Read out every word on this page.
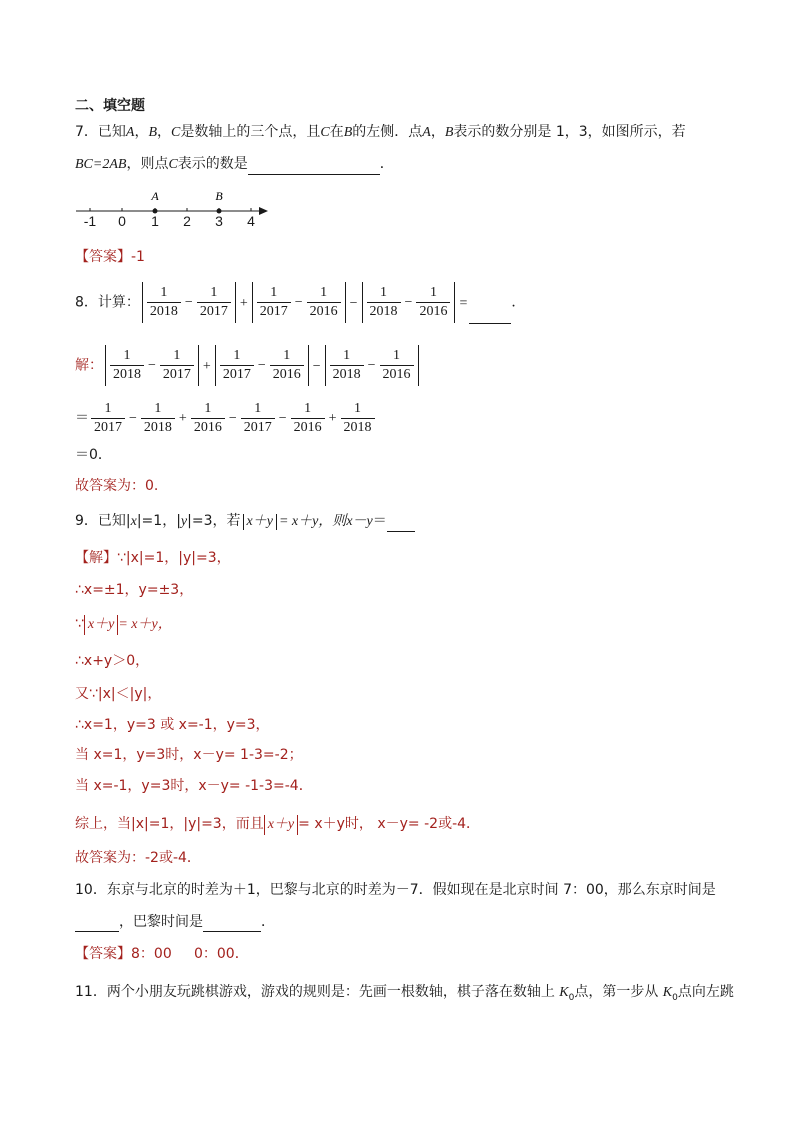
二、填空题
7．已知A，B，C是数轴上的三个点，且C在B的左侧．点A，B表示的数分别是 1，3，如图所示，若
BC=2AB，则点C表示的数是	．
A	B
-1 0 1 2 3 4
【答案】-1
8．计算： $\frac{1}{2018} - \frac{1}{2017} + \frac{1}{2017} - \frac{1}{2016} - \frac{1}{2018} - \frac{1}{2016}$ =	．
解： $\frac{1}{2018} - \frac{1}{2017} + \frac{1}{2017} - \frac{1}{2016} - \frac{1}{2018} - \frac{1}{2016}$
＝ $\frac{1}{2017} - \frac{1}{2018} + \frac{1}{2016} - \frac{1}{2017} - \frac{1}{2016} + \frac{1}{2018}$
＝0．
故答案为：0.
9．已知|x|=1，|y|=3，若 x＋y = x＋y，则x－y＝
【解】∵|x|=1，|y|=3，
∴x=±1，y=±3，
∵ x＋y = x＋y，
∴x+y＞0，
又∵|x|＜|y|，
∴x=1，y=3 或 x=-1，y=3，
当 x=1，y=3时，x－y= 1-3=-2；
当 x=-1，y=3时，x－y= -1-3=-4．
综上，当|x|=1，|y|=3，而且 x＋y = x＋y时， x－y= -2或-4．
故答案为：-2或-4．
10．东京与北京的时差为＋1，巴黎与北京的时差为－7．假如现在是北京时间 7：00，那么东京时间是
，巴黎时间是	．
【答案】8：00     0：00．
11．两个小朋友玩跳棋游戏，游戏的规则是：先画一根数轴，棋子落在数轴上 $K_0$点，第一步从 $K_0$点向左跳
